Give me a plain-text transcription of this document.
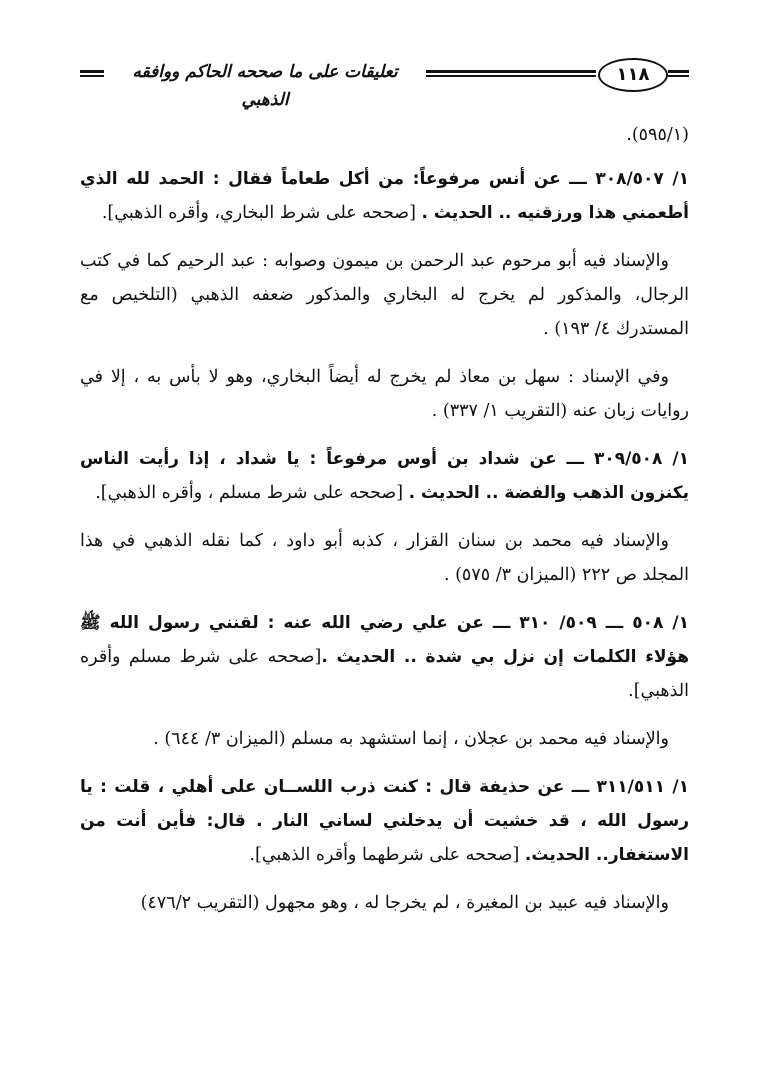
تعليقات على ما صححه الحاكم ووافقه الذهبي
١١٨

(٥٩٥/١).

١/ ٣٠٨/٥٠٧ ـــ عن أنس مرفوعاً: من أكل طعاماً فقال : الحمد لله الذي أطعمني هذا ورزقنيه .. الحديث . [صححه على شرط البخاري، وأقره الذهبي].

والإسناد فيه أبو مرحوم عبد الرحمن بن ميمون وصوابه : عبد الرحيم كما في كتب الرجال، والمذكور لم يخرج له البخاري والمذكور ضعفه الذهبي (التلخيص مع المستدرك ٤/ ١٩٣) .

وفي الإسناد : سهل بن معاذ لم يخرج له أيضاً البخاري، وهو لا بأس به ، إلا في روايات زبان عنه (التقريب ١/ ٣٣٧) .

١/ ٣٠٩/٥٠٨ ـــ عن شداد بن أوس مرفوعاً : يا شداد ، إذا رأيت الناس يكنزون الذهب والفضة .. الحديث . [صححه على شرط مسلم ، وأقره الذهبي].

والإسناد فيه محمد بن سنان القزار ، كذبه أبو داود ، كما نقله الذهبي في هذا المجلد ص ٢٢٢ (الميزان ٣/ ٥٧٥) .

١/ ٥٠٨ ـــ ٥٠٩/ ٣١٠ ـــ عن علي رضي الله عنه : لقنني رسول الله ﷺ هؤلاء الكلمات إن نزل بي شدة .. الحديث .[صححه على شرط مسلم وأقره الذهبي].

والإسناد فيه محمد بن عجلان ، إنما استشهد به مسلم (الميزان ٣/ ٦٤٤) .

١/ ٣١١/٥١١ ـــ عن حذيفة قال : كنت ذرب اللســان على أهلي ، قلت : يا رسول الله ، قد خشيت أن يدخلني لساني النار . قال: فأين أنت من الاستغفار.. الحديث. [صححه على شرطهما وأقره الذهبي].

والإسناد فيه عبيد بن المغيرة ، لم يخرجا له ، وهو مجهول (التقريب ٤٧٦/٢)
